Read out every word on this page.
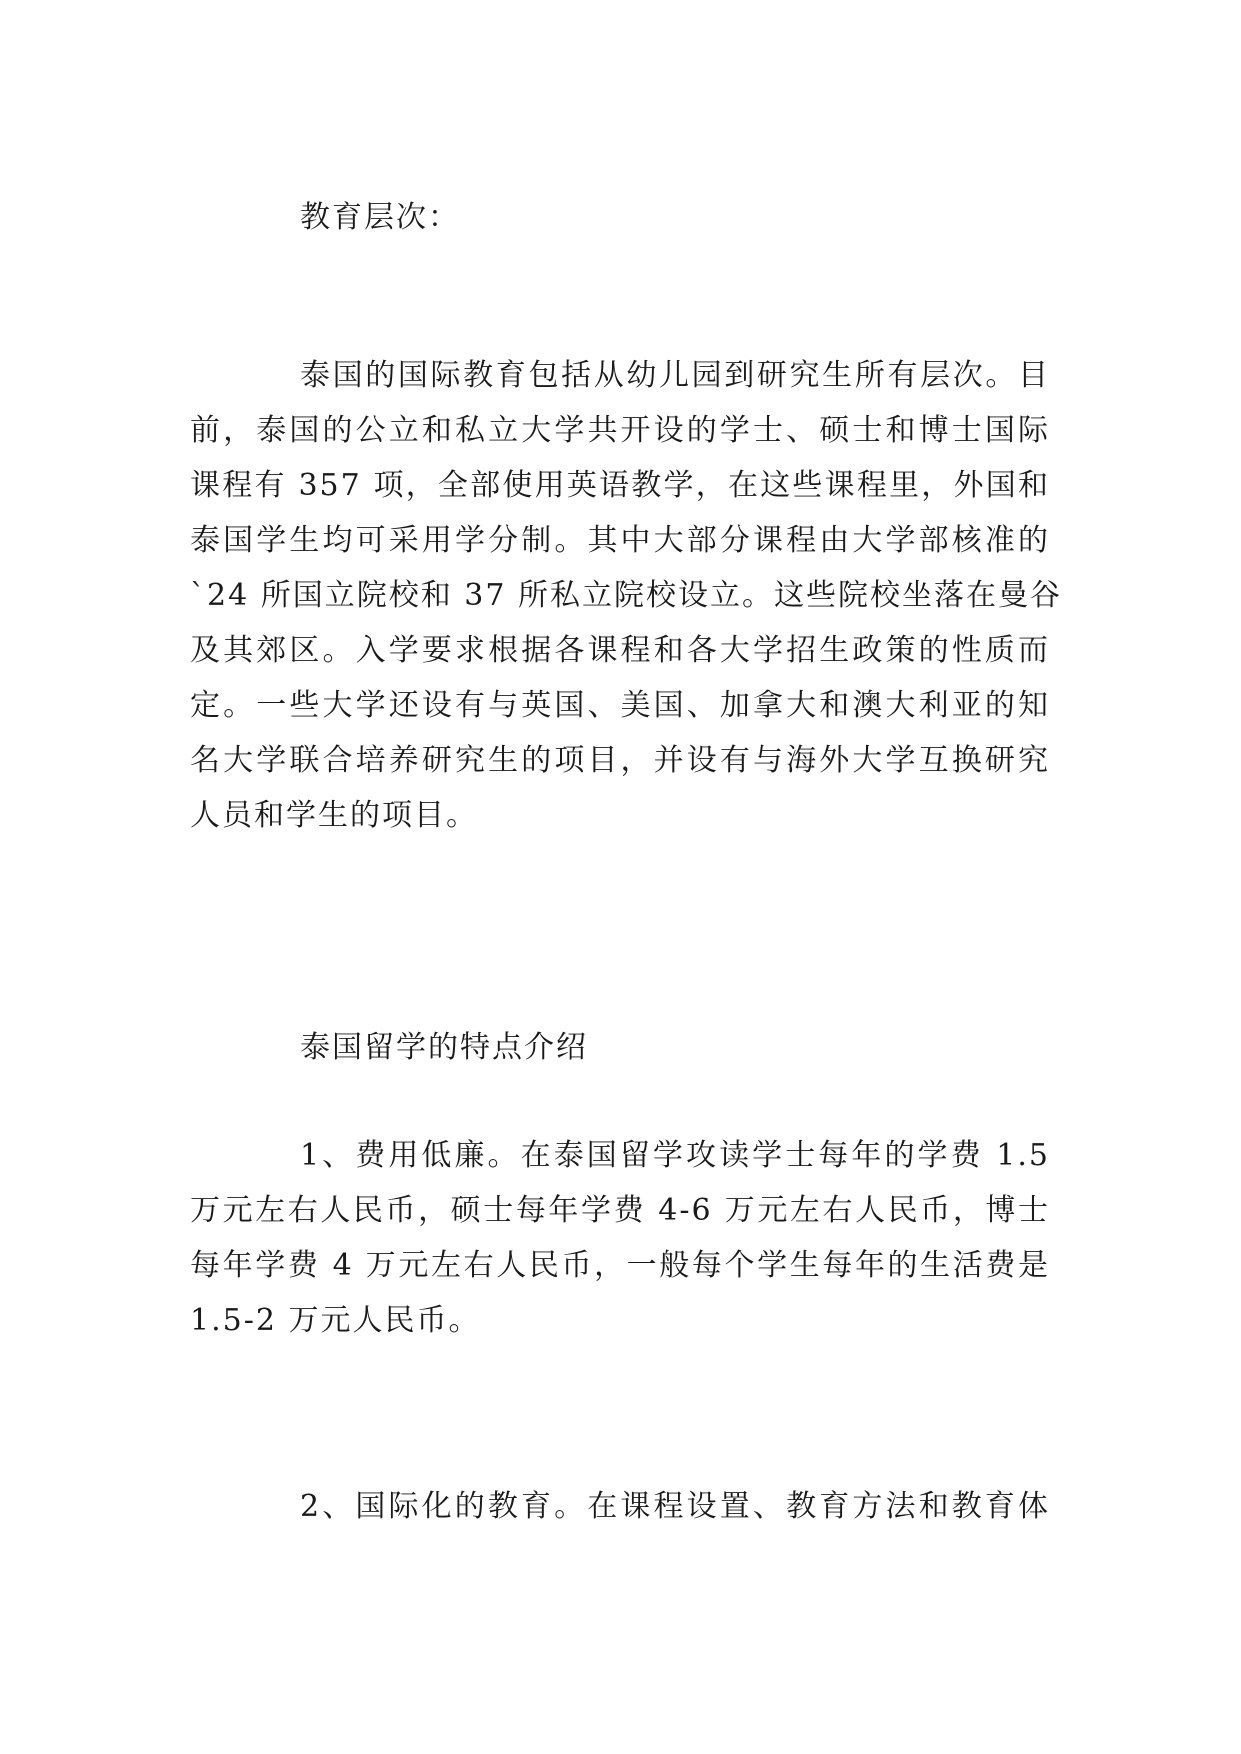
教育层次：
泰国的国际教育包括从幼儿园到研究生所有层次。目
前，泰国的公立和私立大学共开设的学士、硕士和博士国际
课程有 357 项，全部使用英语教学，在这些课程里，外国和
泰国学生均可采用学分制。其中大部分课程由大学部核准的
`24 所国立院校和 37 所私立院校设立。这些院校坐落在曼谷
及其郊区。入学要求根据各课程和各大学招生政策的性质而
定。一些大学还设有与英国、美国、加拿大和澳大利亚的知
名大学联合培养研究生的项目，并设有与海外大学互换研究
人员和学生的项目。
泰国留学的特点介绍
1、费用低廉。在泰国留学攻读学士每年的学费 1.5
万元左右人民币，硕士每年学费 4-6 万元左右人民币，博士
每年学费 4 万元左右人民币，一般每个学生每年的生活费是
1.5-2 万元人民币。
2、国际化的教育。在课程设置、教育方法和教育体
